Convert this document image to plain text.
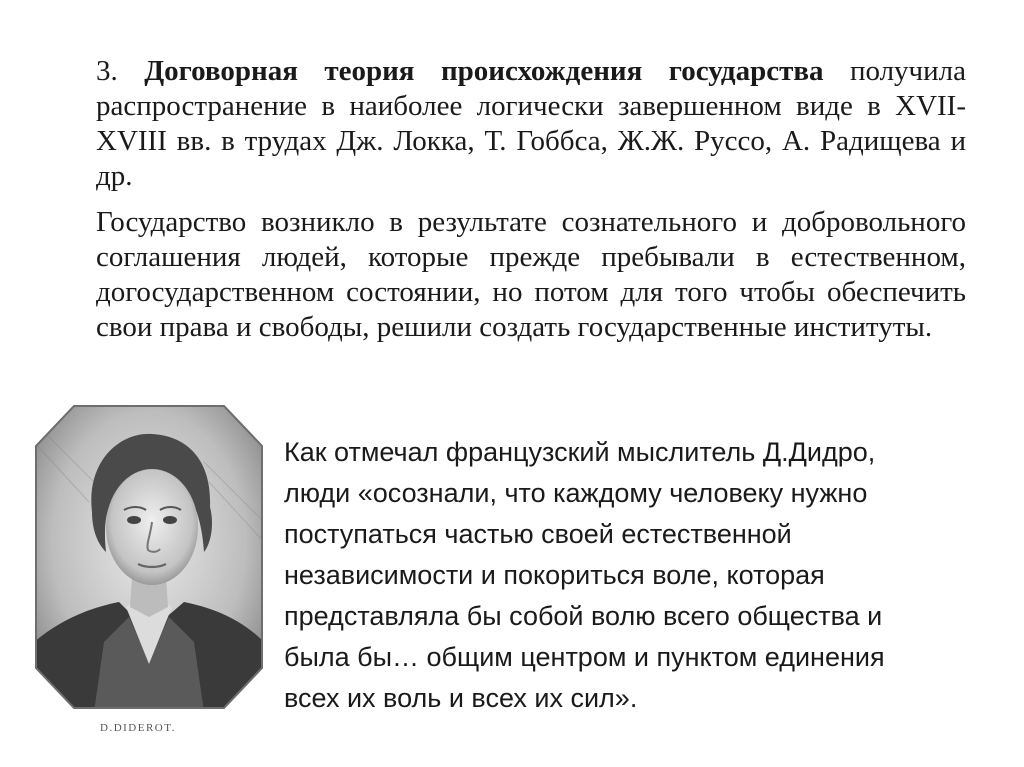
3. Договорная теория происхождения государства получила распространение в наиболее логически завершенном виде в XVII-XVIII вв. в трудах Дж. Локка, Т. Гоббса, Ж.Ж. Руссо, А. Радищева и др.

Государство возникло в результате сознательного и добровольного соглашения людей, которые прежде пребывали в естественном, догосударственном состоянии, но потом для того чтобы обеспечить свои права и свободы, решили создать государственные институты.

D.DIDEROT.
Как отмечал французский мыслитель Д.Дидро,
люди «осознали, что каждому человеку нужно
поступаться частью своей естественной
независимости и покориться воле, которая
представляла бы собой волю всего общества и
была бы… общим центром и пунктом единения
всех их воль и всех их сил».
